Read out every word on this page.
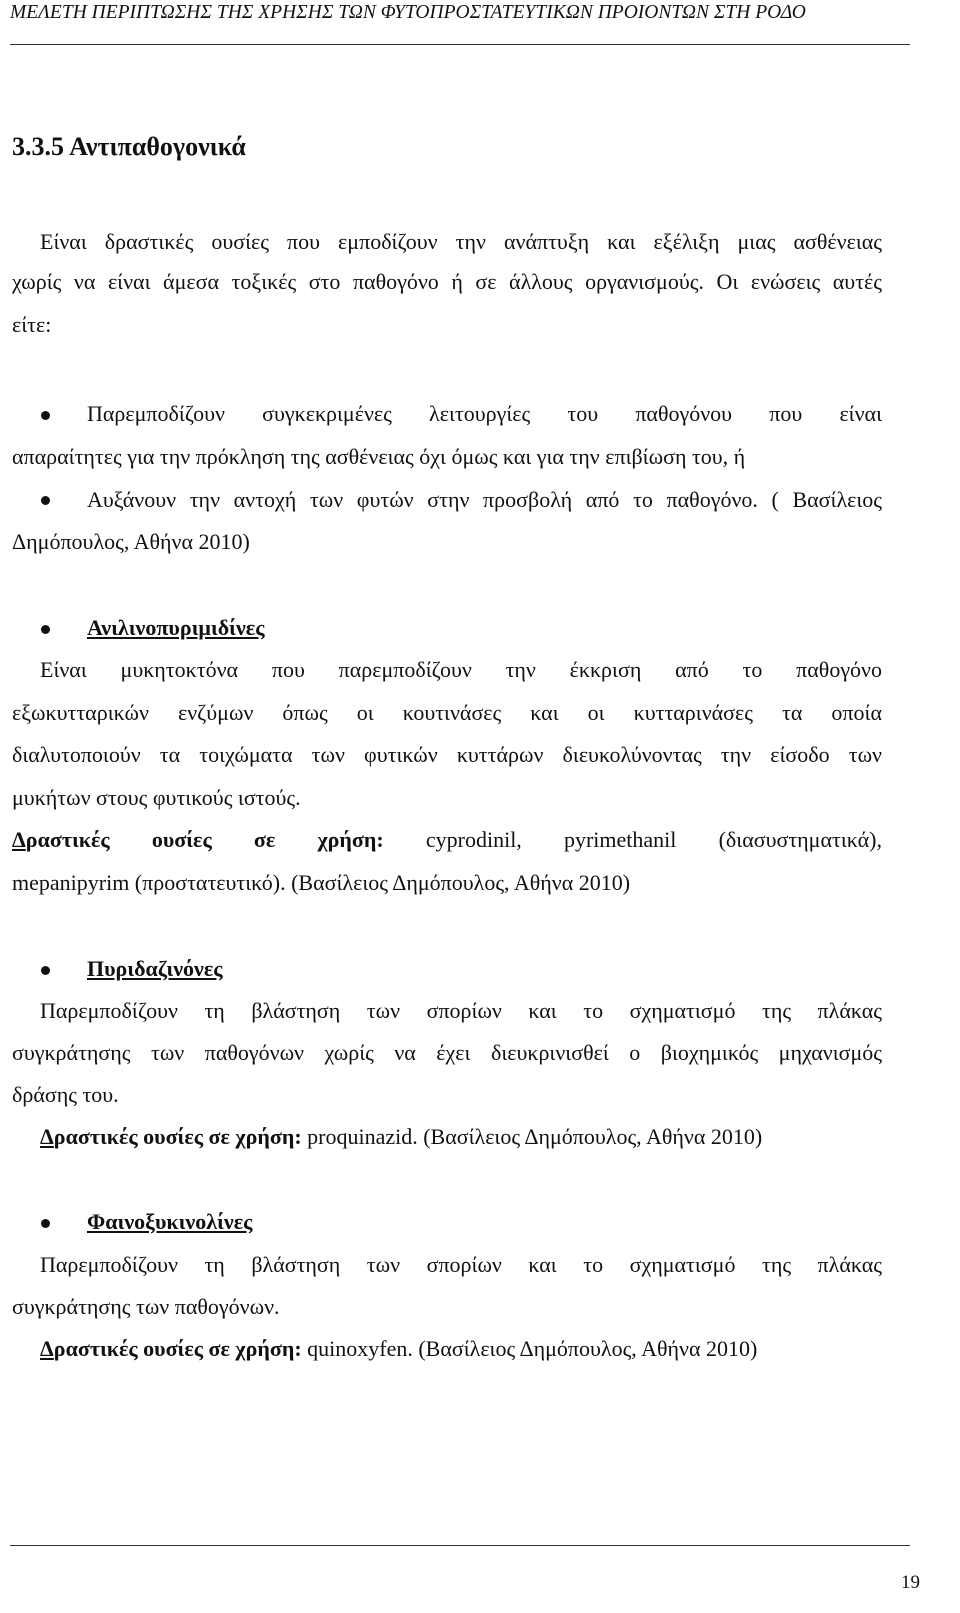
ΜΕΛΕΤΗ ΠΕΡΙΠΤΩΣΗΣ ΤΗΣ ΧΡΗΣΗΣ ΤΩΝ ΦΥΤΟΠΡΟΣΤΑΤΕΥΤΙΚΩΝ ΠΡΟΙΟΝΤΩΝ ΣΤΗ ΡΟΔΟ
3.3.5 Αντιπαθογονικά
Είναι δραστικές ουσίες που εμποδίζουν την ανάπτυξη και εξέλιξη μιας ασθένειας
χωρίς να είναι άμεσα τοξικές στο παθογόνο ή σε άλλους οργανισμούς. Οι ενώσεις αυτές
είτε:
Παρεμποδίζουν συγκεκριμένες λειτουργίες του παθογόνου που είναι
απαραίτητες για την πρόκληση της ασθένειας όχι όμως και για την επιβίωση του, ή
Αυξάνουν την αντοχή των φυτών στην προσβολή από το παθογόνο. ( Βασίλειος
Δημόπουλος, Αθήνα 2010)
Ανιλινοπυριμιδίνες
Είναι μυκητοκτόνα που παρεμποδίζουν την έκκριση από το παθογόνο
εξωκυτταρικών ενζύμων όπως οι κουτινάσες και οι κυτταρινάσες τα οποία
διαλυτοποιούν τα τοιχώματα των φυτικών κυττάρων διευκολύνοντας την είσοδο των
μυκήτων στους φυτικούς ιστούς.
Δραστικές ουσίες σε χρήση: cyprodinil, pyrimethanil (διασυστηματικά),
mepanipyrim (προστατευτικό). (Βασίλειος Δημόπουλος, Αθήνα 2010)
Πυριδαζινόνες
Παρεμποδίζουν τη βλάστηση των σπορίων και το σχηματισμό της πλάκας
συγκράτησης των παθογόνων χωρίς να έχει διευκρινισθεί ο βιοχημικός μηχανισμός
δράσης του.
Δραστικές ουσίες σε χρήση: proquinazid. (Βασίλειος Δημόπουλος, Αθήνα 2010)
Φαινοξυκινολίνες
Παρεμποδίζουν τη βλάστηση των σπορίων και το σχηματισμό της πλάκας
συγκράτησης των παθογόνων.
Δραστικές ουσίες σε χρήση: quinoxyfen. (Βασίλειος Δημόπουλος, Αθήνα 2010)
19
